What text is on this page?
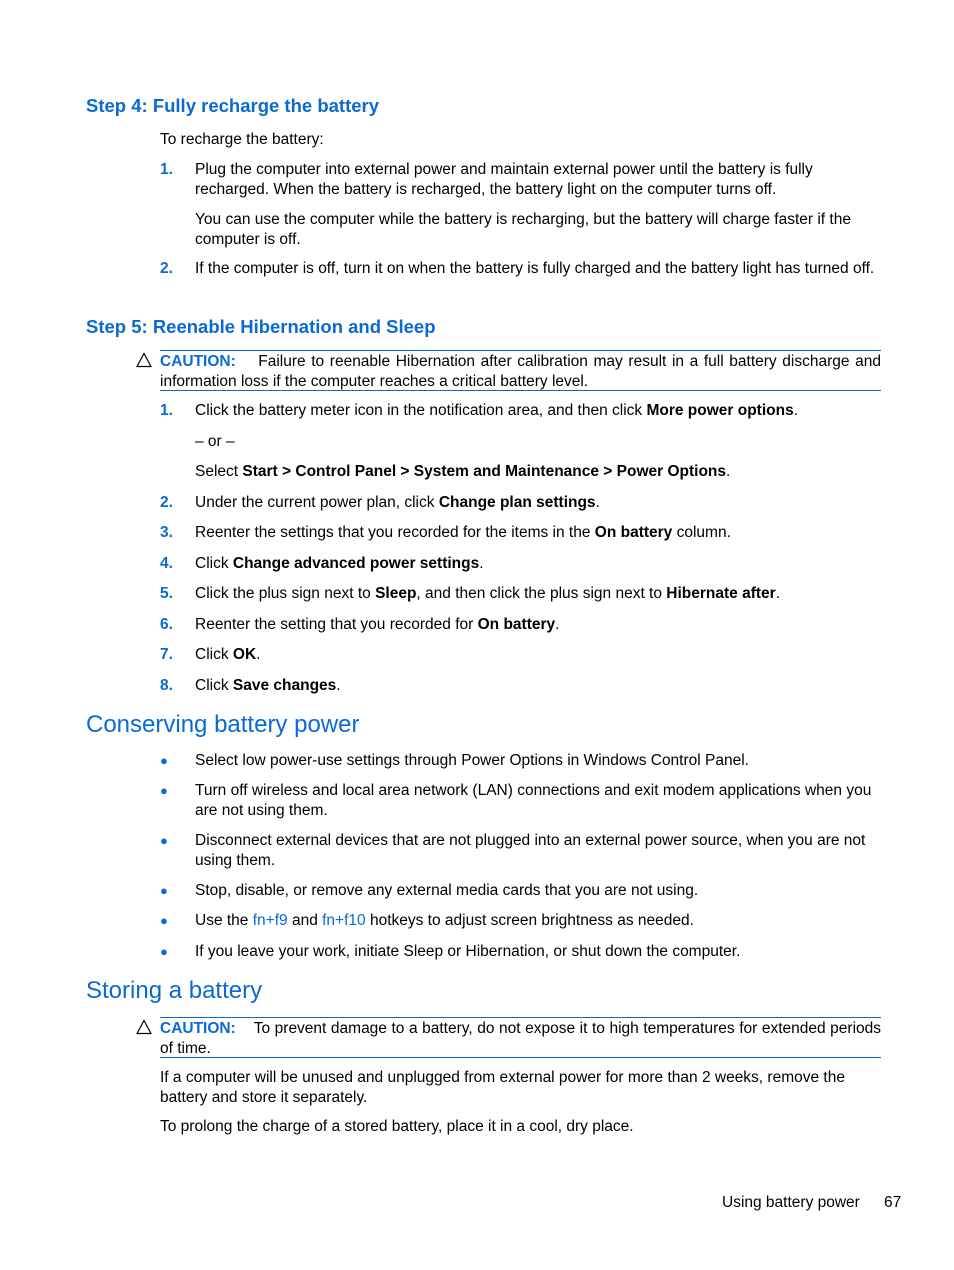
Step 4: Fully recharge the battery
To recharge the battery:
1. Plug the computer into external power and maintain external power until the battery is fully recharged. When the battery is recharged, the battery light on the computer turns off.
You can use the computer while the battery is recharging, but the battery will charge faster if the computer is off.
2. If the computer is off, turn it on when the battery is fully charged and the battery light has turned off.
Step 5: Reenable Hibernation and Sleep
CAUTION: Failure to reenable Hibernation after calibration may result in a full battery discharge and information loss if the computer reaches a critical battery level.
1. Click the battery meter icon in the notification area, and then click More power options.
– or –
Select Start > Control Panel > System and Maintenance > Power Options.
2. Under the current power plan, click Change plan settings.
3. Reenter the settings that you recorded for the items in the On battery column.
4. Click Change advanced power settings.
5. Click the plus sign next to Sleep, and then click the plus sign next to Hibernate after.
6. Reenter the setting that you recorded for On battery.
7. Click OK.
8. Click Save changes.
Conserving battery power
● Select low power-use settings through Power Options in Windows Control Panel.
● Turn off wireless and local area network (LAN) connections and exit modem applications when you are not using them.
● Disconnect external devices that are not plugged into an external power source, when you are not using them.
● Stop, disable, or remove any external media cards that you are not using.
● Use the fn+f9 and fn+f10 hotkeys to adjust screen brightness as needed.
● If you leave your work, initiate Sleep or Hibernation, or shut down the computer.
Storing a battery
CAUTION: To prevent damage to a battery, do not expose it to high temperatures for extended periods of time.
If a computer will be unused and unplugged from external power for more than 2 weeks, remove the battery and store it separately.
To prolong the charge of a stored battery, place it in a cool, dry place.
Using battery power 67
